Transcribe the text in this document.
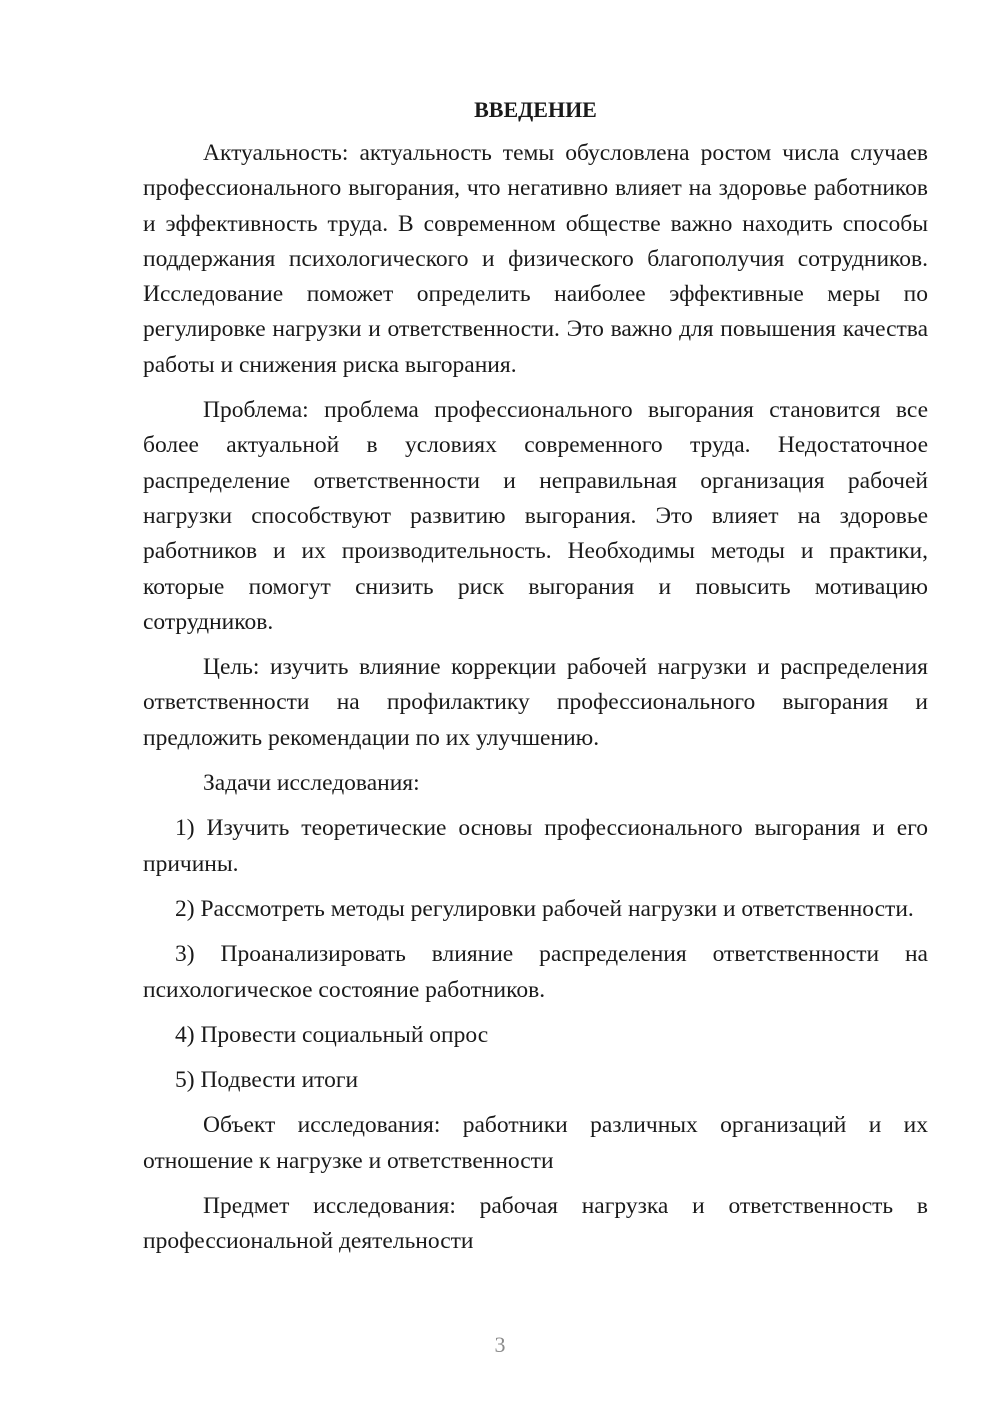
ВВЕДЕНИЕ

Актуальность: актуальность темы обусловлена ростом числа случаев профессионального выгорания, что негативно влияет на здоровье работников и эффективность труда. В современном обществе важно находить способы поддержания психологического и физического благополучия сотрудников. Исследование поможет определить наиболее эффективные меры по регулировке нагрузки и ответственности. Это важно для повышения качества работы и снижения риска выгорания.

Проблема: проблема профессионального выгорания становится все более актуальной в условиях современного труда. Недостаточное распределение ответственности и неправильная организация рабочей нагрузки способствуют развитию выгорания. Это влияет на здоровье работников и их производительность. Необходимы методы и практики, которые помогут снизить риск выгорания и повысить мотивацию сотрудников.

Цель: изучить влияние коррекции рабочей нагрузки и распределения ответственности на профилактику профессионального выгорания и предложить рекомендации по их улучшению.

Задачи исследования:

1) Изучить теоретические основы профессионального выгорания и его причины.

2) Рассмотреть методы регулировки рабочей нагрузки и ответственности.

3) Проанализировать влияние распределения ответственности на психологическое состояние работников.

4) Провести социальный опрос

5) Подвести итоги

Объект исследования: работники различных организаций и их отношение к нагрузке и ответственности

Предмет исследования: рабочая нагрузка и ответственность в профессиональной деятельности

3
